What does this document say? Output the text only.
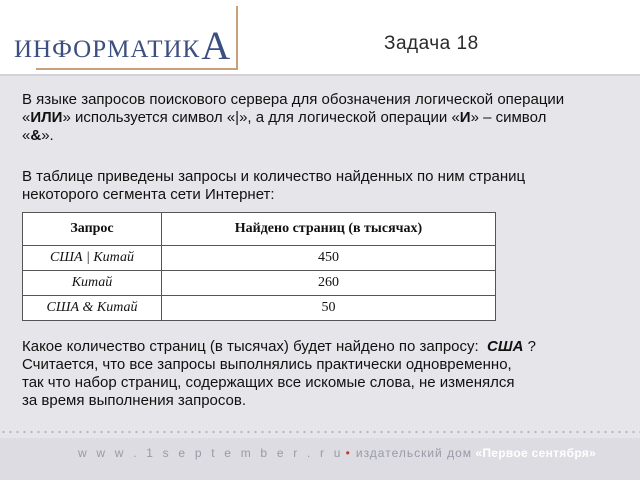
ИНФОРМАТИКА	Задача 18
В языке запросов поискового сервера для обозначения логической операции
«ИЛИ» используется символ «|», а для логической операции «И» – символ
«&».
В таблице приведены запросы и количество найденных по ним страниц
некоторого сегмента сети Интернет:
Запрос	Найдено страниц (в тысячах)
США | Китай	450
Китай	260
США & Китай	50
Какое количество страниц (в тысячах) будет найдено по запросу: США ?
Считается, что все запросы выполнялись практически одновременно,
так что набор страниц, содержащих все искомые слова, не изменялся
за время выполнения запросов.
w w w . 1 s e p t e m b e r . r u • издательский дом «Первое сентября»
